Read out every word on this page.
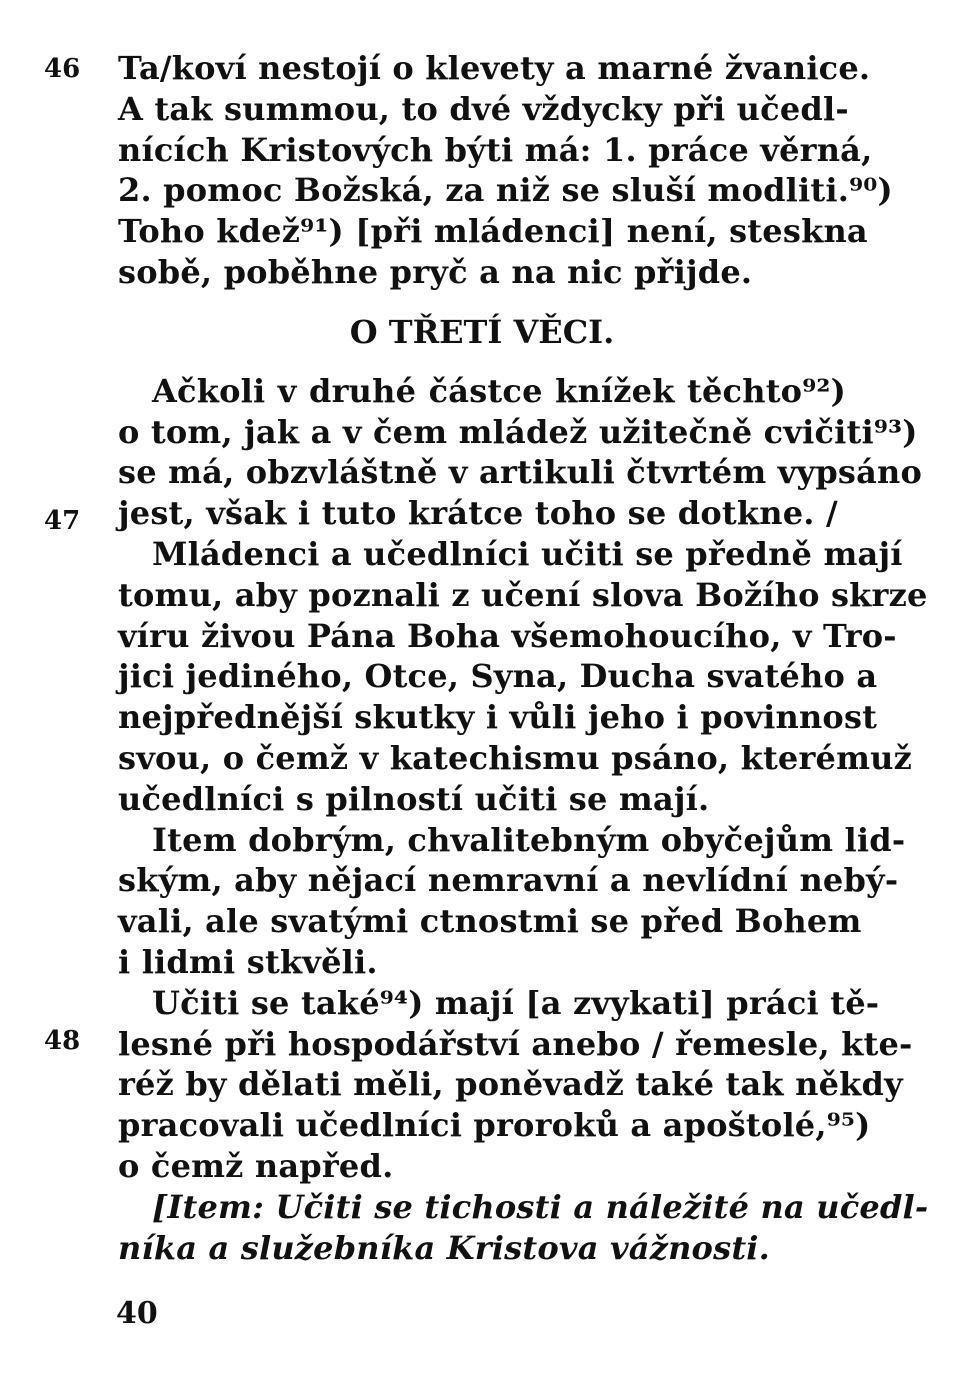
46
47
48
Ta/koví nestojí o klevety a marné žvanice.
A tak summou, to dvé vždycky při učedl-
nících Kristových býti má: 1. práce věrná,
2. pomoc Božská, za niž se sluší modliti.⁹⁰)
Toho kdež⁹¹) [při mládenci] není, steskna
sobě, poběhne pryč a na nic přijde.
O TŘETÍ VĚCI.
Ačkoli v druhé částce knížek těchto⁹²)
o tom, jak a v čem mládež užitečně cvičiti⁹³)
se má, obzvláštně v artikuli čtvrtém vypsáno
jest, však i tuto krátce toho se dotkne. /
Mládenci a učedlníci učiti se předně mají
tomu, aby poznali z učení slova Božího skrze
víru živou Pána Boha všemohoucího, v Tro-
jici jediného, Otce, Syna, Ducha svatého a
nejpřednější skutky i vůli jeho i povinnost
svou, o čemž v katechismu psáno, kterémuž
učedlníci s pilností učiti se mají.
Item dobrým, chvalitebným obyčejům lid-
ským, aby nějací nemravní a nevlídní nebý-
vali, ale svatými ctnostmi se před Bohem
i lidmi stkvěli.
Učiti se také⁹⁴) mají [a zvykati] práci tě-
lesné při hospodářství anebo / řemesle, kte-
réž by dělati měli, poněvadž také tak někdy
pracovali učedlníci proroků a apoštolé,⁹⁵)
o čemž napřed.
[Item: Učiti se tichosti a náležité na učedl-
níka a služebníka Kristova vážnosti.
40
